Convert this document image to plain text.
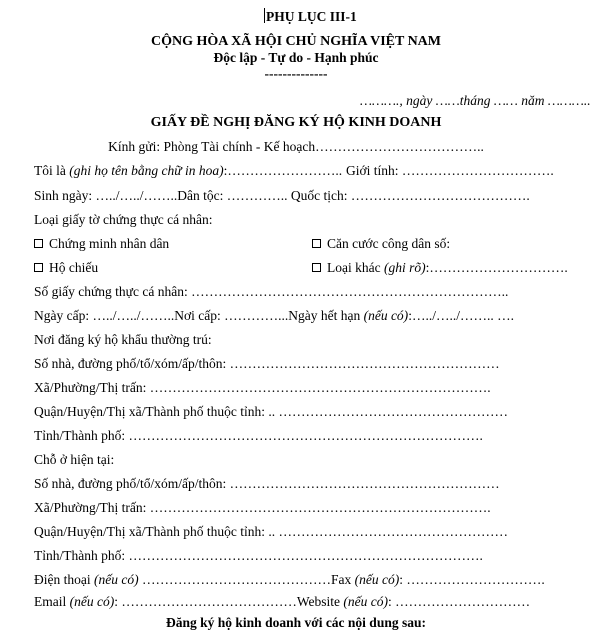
PHỤ LỤC III-1
CỘNG HÒA XÃ HỘI CHỦ NGHĨA VIỆT NAM
Độc lập - Tự do - Hạnh phúc
--------------
………., ngày ……tháng …… năm ………..
GIẤY ĐỀ NGHỊ ĐĂNG KÝ HỘ KINH DOANH
Kính gửi: Phòng Tài chính - Kế hoạch………………………………..
Tôi là (ghi họ tên bằng chữ in hoa):…………………….. Giới tính: …………………………….
Sinh ngày: …../…../……..Dân tộc: ………….. Quốc tịch: ………………………………….
Loại giấy tờ chứng thực cá nhân:
Chứng minh nhân dân	Căn cước công dân số:
Hộ chiếu	Loại khác (ghi rõ):………………………….
Số giấy chứng thực cá nhân: ……………………………………………………………..
Ngày cấp: …../…../……..Nơi cấp: …………...Ngày hết hạn (nếu có):…../…../…….. ….
Nơi đăng ký hộ khẩu thường trú:
Số nhà, đường phố/tổ/xóm/ấp/thôn: ……………………………………………………
Xã/Phường/Thị trấn: ………………………………………………………………….
Quận/Huyện/Thị xã/Thành phố thuộc tỉnh: .. ……………………………………………
Tỉnh/Thành phố: …………………………………………………………………….
Chỗ ở hiện tại:
Số nhà, đường phố/tổ/xóm/ấp/thôn: ……………………………………………………
Xã/Phường/Thị trấn: ………………………………………………………………….
Quận/Huyện/Thị xã/Thành phố thuộc tỉnh: .. ……………………………………………
Tỉnh/Thành phố: …………………………………………………………………….
Điện thoại (nếu có) ……………………………………Fax (nếu có): ………………………….
Email (nếu có): …………………………………Website (nếu có): …………………………
Đăng ký hộ kinh doanh với các nội dung sau:
